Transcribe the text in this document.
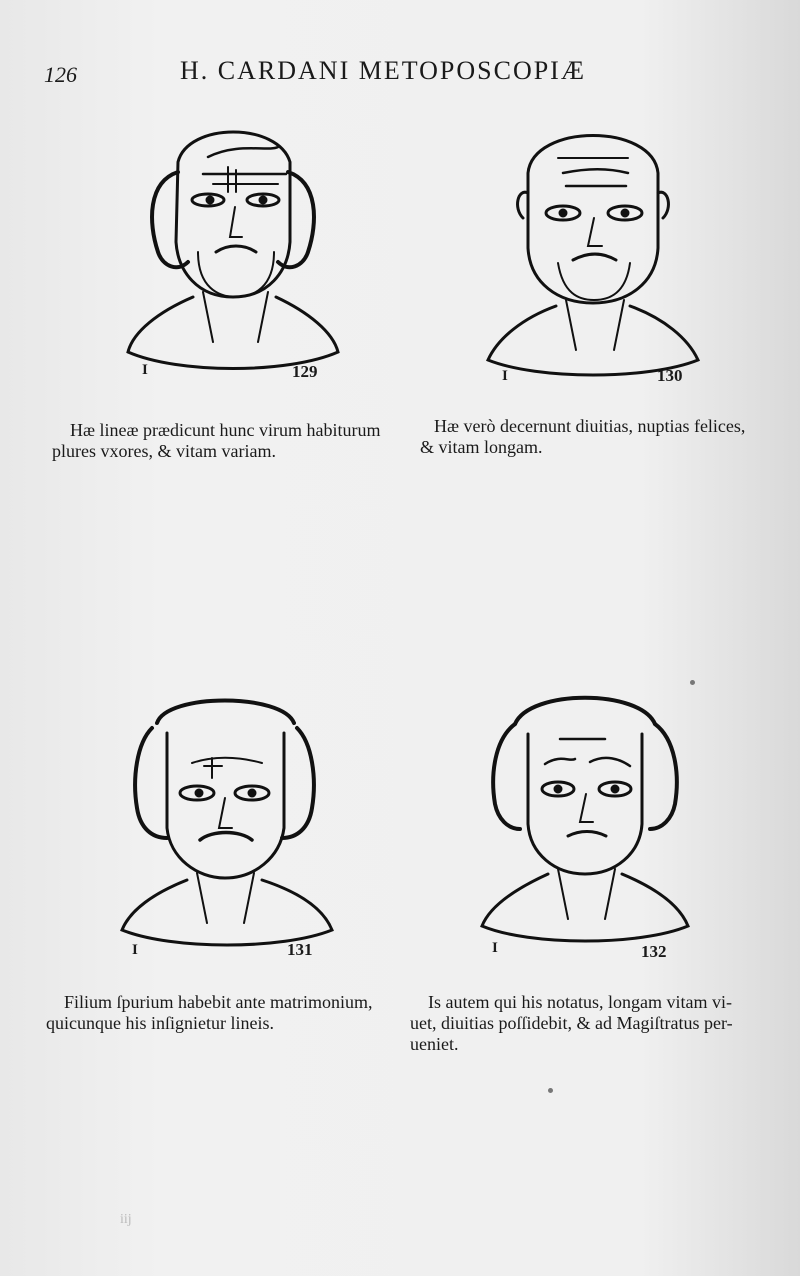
126	H. CARDANI METOPOSCOPIÆ
I	129

Hæ lineæ prædicunt hunc virum habiturum

plures vxores, & vitam variam.

I	130

Hæ verò decernunt diuitias, nuptias felices,

& vitam longam.

I	131

Filium ſpurium habebit ante matrimonium,

quicunque his inſignietur lineis.

I	132

Is autem qui his notatus, longam vitam vi-

uet, diuitias poſſidebit, & ad Magiſtratus per-

ueniet.

iij
